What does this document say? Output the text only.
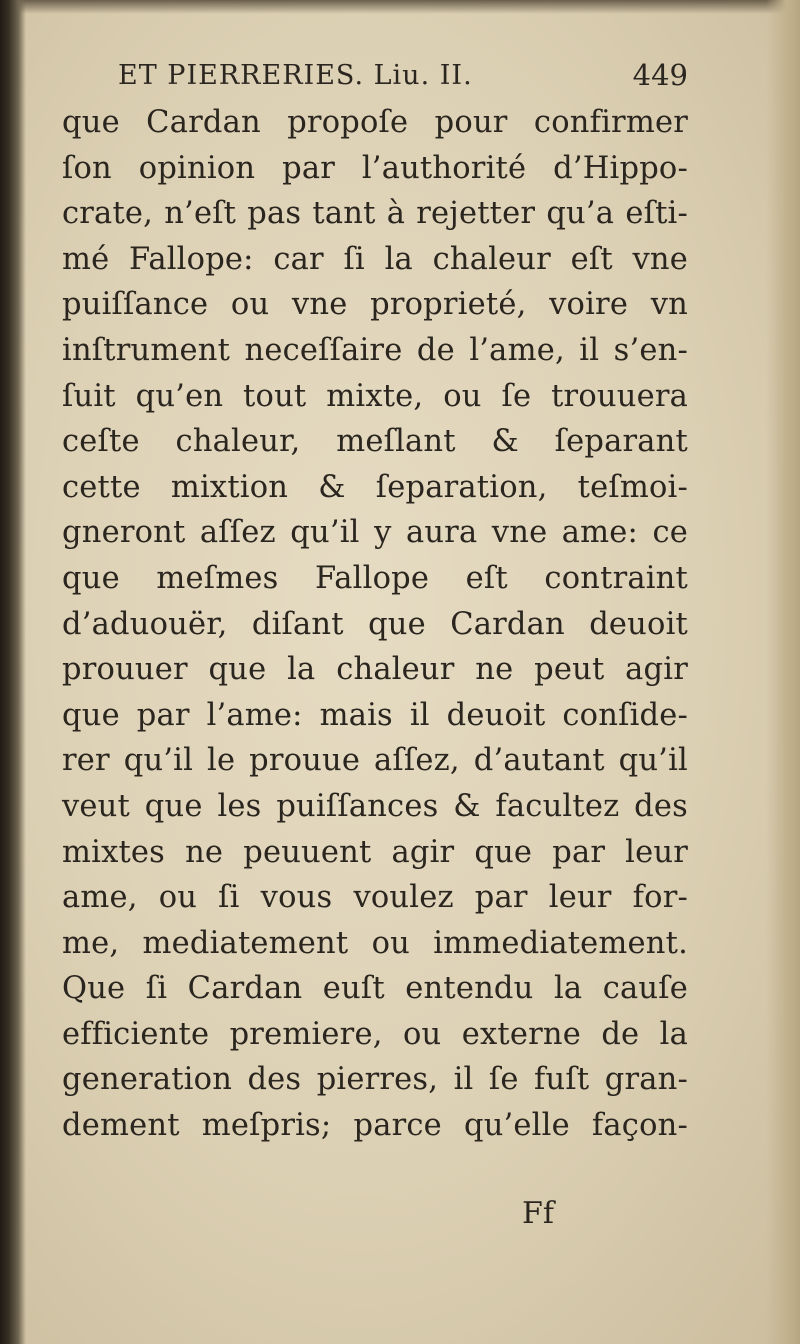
ET PIERRERIES. Liu. II.	449
que Cardan propoſe pour confirmer
ſon opinion par l’authorité d’Hippo-
crate, n’eſt pas tant à rejetter qu’a eſti-
mé Fallope: car ſi la chaleur eſt vne
puiſſance ou vne proprieté, voire vn
inſtrument neceſſaire de l’ame, il s’en-
ſuit qu’en tout mixte, ou ſe trouuera
ceſte chaleur, meſlant & ſeparant
cette mixtion & ſeparation, teſmoi-
gneront aſſez qu’il y aura vne ame: ce
que meſmes Fallope eſt contraint
d’aduouër, diſant que Cardan deuoit
prouuer que la chaleur ne peut agir
que par l’ame: mais il deuoit conſide-
rer qu’il le prouue aſſez, d’autant qu’il
veut que les puiſſances & facultez des
mixtes ne peuuent agir que par leur
ame, ou ſi vous voulez par leur for-
me, mediatement ou immediatement.
Que ſi Cardan euſt entendu la cauſe
efficiente premiere, ou externe de la
generation des pierres, il ſe fuſt gran-
dement meſpris; parce qu’elle façon-
Ff
